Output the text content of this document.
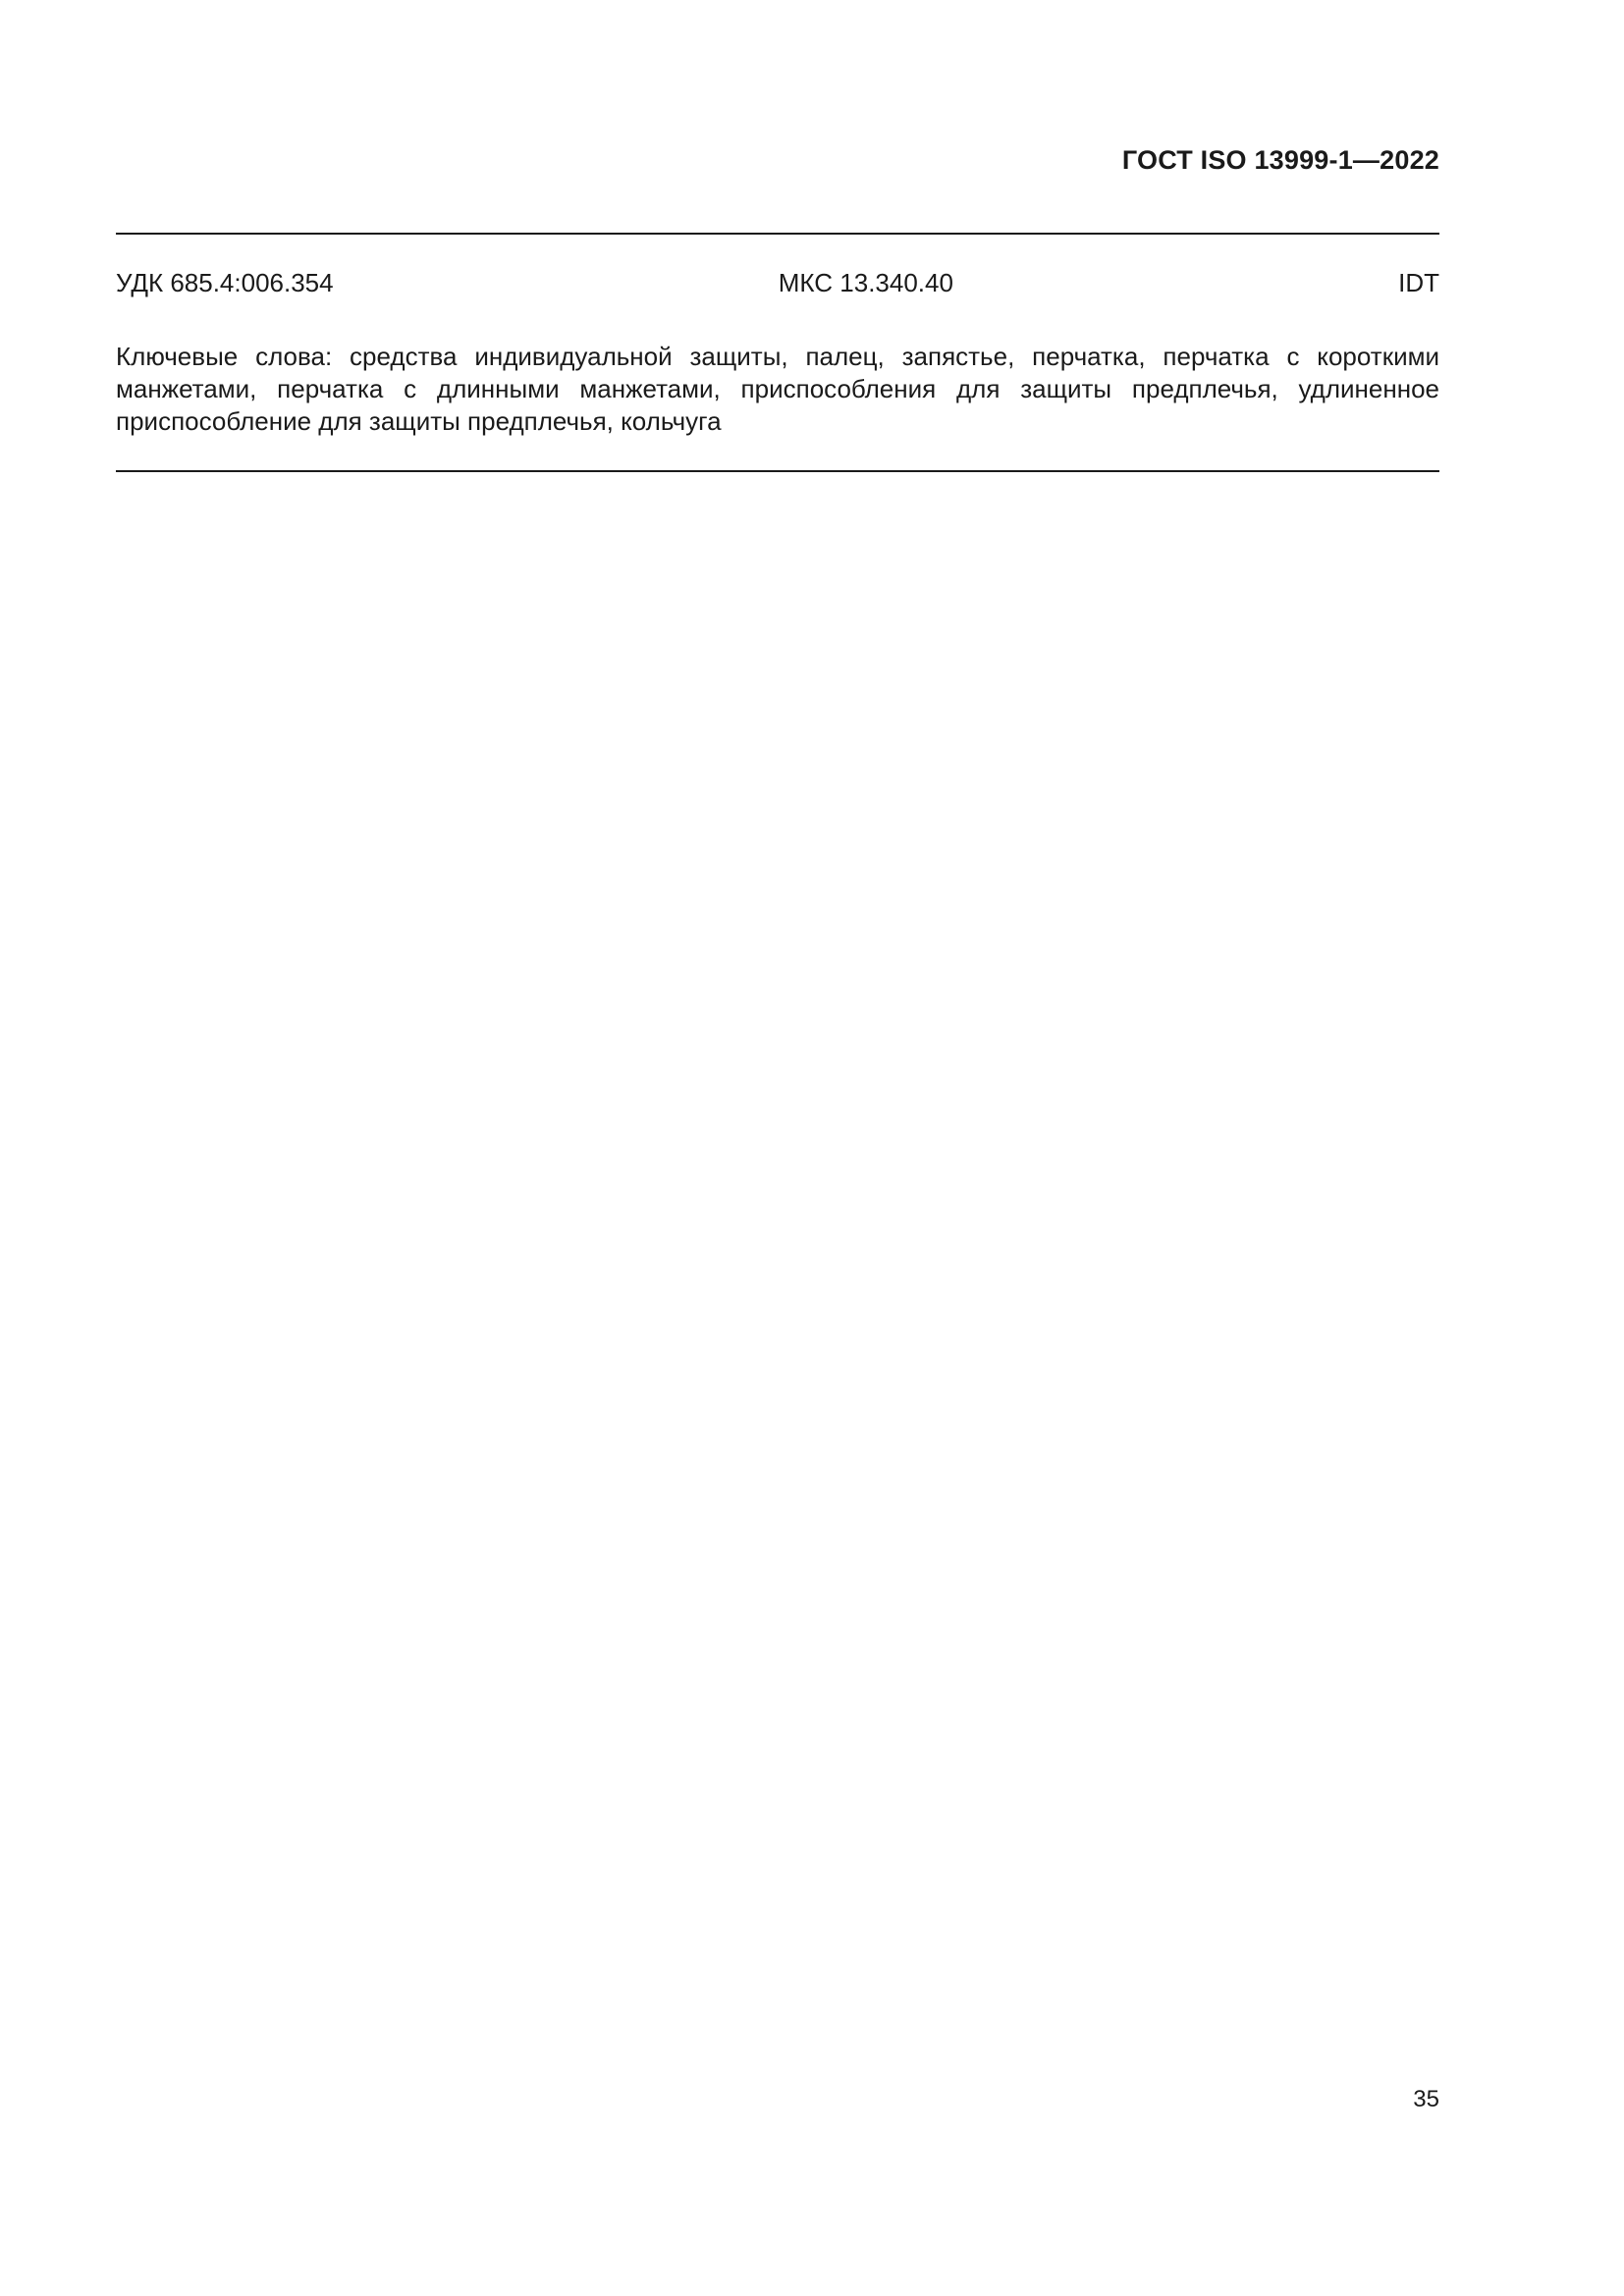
ГОСТ ISO 13999-1—2022
УДК 685.4:006.354	МКС 13.340.40	IDT
Ключевые слова: средства индивидуальной защиты, палец, запястье, перчатка, перчатка с короткими
манжетами, перчатка с длинными манжетами, приспособления для защиты предплечья, удлиненное
приспособление для защиты предплечья, кольчуга
35
